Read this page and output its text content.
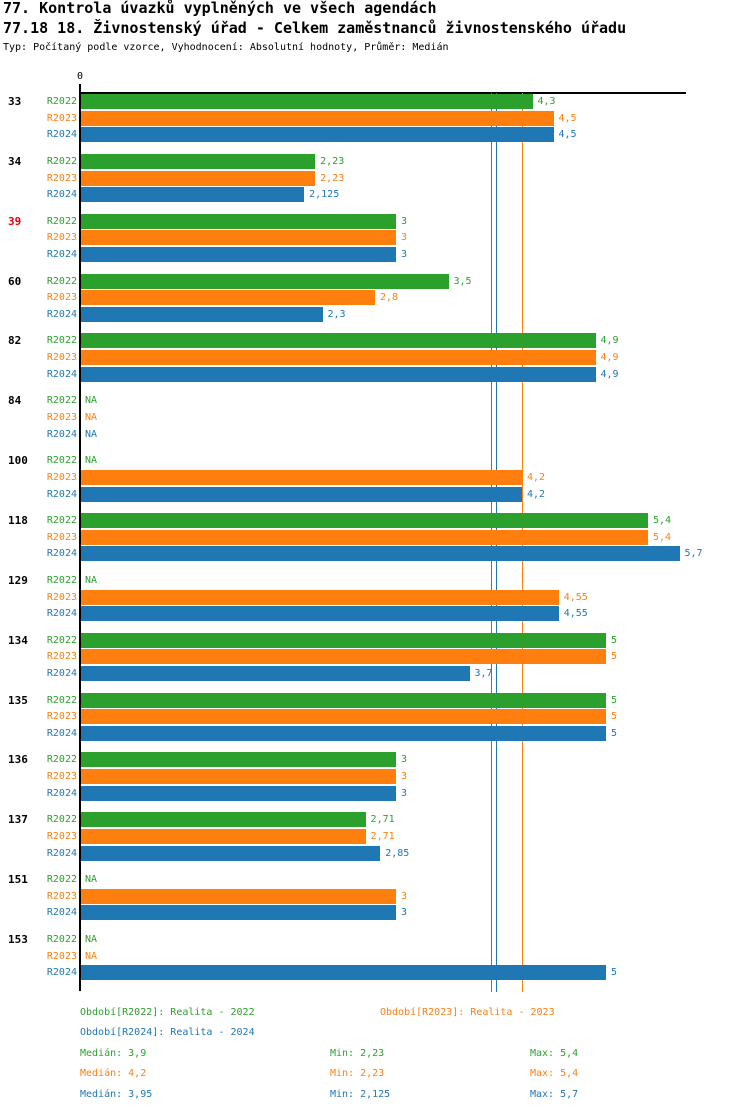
77. Kontrola úvazků vyplněných ve všech agendách
77.18 18. Živnostenský úřad - Celkem zaměstnanců živnostenského úřadu
Typ: Počítaný podle vzorce, Vyhodnocení: Absolutní hodnoty, Průměr: Medián
0
33	R2022	4,3
R2023	4,5
R2024	4,5
34	R2022	2,23
R2023	2,23
R2024	2,125
39	R2022	3
R2023	3
R2024	3
60	R2022	3,5
R2023	2,8
R2024	2,3
82	R2022	4,9
R2023	4,9
R2024	4,9
84	R2022 NA
R2023 NA
R2024 NA
100	R2022 NA
R2023	4,2
R2024	4,2
118	R2022	5,4
R2023	5,4
R2024	5,7
129	R2022 NA
R2023	4,55
R2024	4,55
134	R2022	5
R2023	5
R2024	3,7
135	R2022	5
R2023	5
R2024	5
136	R2022	3
R2023	3
R2024	3
137	R2022	2,71
R2023	2,71
R2024	2,85
151	R2022 NA
R2023	3
R2024	3
153	R2022 NA
R2023 NA
R2024	5
Období[R2022]: Realita - 2022	Období[R2023]: Realita - 2023
Období[R2024]: Realita - 2024
Medián: 3,9	Min: 2,23	Max: 5,4
Medián: 4,2	Min: 2,23	Max: 5,4
Medián: 3,95	Min: 2,125	Max: 5,7
